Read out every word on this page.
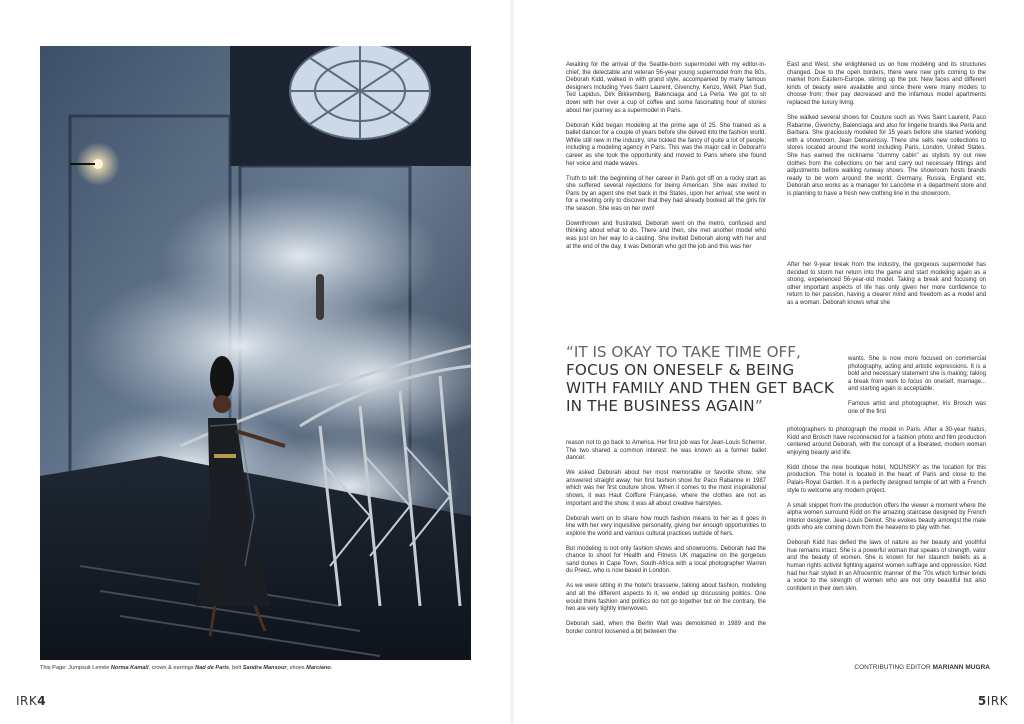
This Page: Jumpsuit Lemée Norma Kamali, crown & earrings Nad de Paris, belt Sandra Mansour, shoes Marciano.
IRK4	5IRK

Awaiting for the arrival of the Seattle-born supermodel with my editor-in-chief, the delectable and veteran 56-year young supermodel from the 80s, Deborah Kidd, walked in with grand style, accompanied by many famous designers including Yves Saint Laurent, Givenchy, Kenzo, Weill, Plan Sud, Ted Lapidus, Dirk Bikkemberg, Balenciaga and La Perla. We got to sit down with her over a cup of coffee and some fascinating hour of stories about her journey as a supermodel in Paris.

Deborah Kidd began modeling at the prime age of 25. She trained as a ballet dancer for a couple of years before she delved into the fashion world. While still new in the industry, she tickled the fancy of quite a lot of people; including a modeling agency in Paris. This was the major call in Deborah's career as she took the opportunity and moved to Paris where she found her voice and made waves.

Truth to tell: the beginning of her career in Paris got off on a rocky start as she suffered several rejections for being American. She was invited to Paris by an agent she met back in the States, upon her arrival; she went in for a meeting only to discover that they had already booked all the girls for the season. She was on her own!

Downthrown and frustrated, Deborah went on the metro, confused and thinking about what to do. There and then, she met another model who was just on her way to a casting. She invited Deborah along with her and at the end of the day, it was Deborah who got the job and this was her

“IT IS OKAY TO TAKE TIME OFF, FOCUS ON ONESELF & BEING WITH FAMILY AND THEN GET BACK IN THE BUSINESS AGAIN”

reason not to go back to America. Her first job was for Jean-Louis Scherrer. The two shared a common interest: he was known as a former ballet dancer.

We asked Deborah about her most memorable or favorite show, she answered straight away: her first fashion show for Paco Rabanne in 1987 which was her first couture show. When it comes to the most inspirational shows, it was Haut Coiffure Française, where the clothes are not as important and the show, it was all about creative hairstyles.

Deborah went on to share how much fashion means to her as it goes in line with her very inquisitive personality, giving her enough opportunities to explore the world and various cultural practices outside of hers.

But modeling is not only fashion shows and showrooms. Deborah had the chance to shoot for Health and Fitness UK magazine on the gorgeous sand dunes in Cape Town, South-Africa with a local photographer Warren du Preez, who is now based in London.

As we were sitting in the hotel's brasserie, talking about fashion, modeling and all the different aspects to it, we ended up discussing politics. One would think fashion and politics do not go together but on the contrary, the two are very tightly interwoven.

Deborah said, when the Berlin Wall was demolished in 1989 and the border control loosened a bit between the

East and West, she enlightened us on how modeling and its structures changed. Due to the open borders, there were new girls coming to the market from Eastern-Europe, stirring up the pot. New faces and different kinds of beauty were available and since there were many models to choose from; their pay decreased and the infamous model apartments replaced the luxury living.

She walked several shows for Couture such as Yves Saint Laurent, Paco Rabanne, Givenchy, Balenciaga and also for lingerie brands like Perla and Barbara. She graciously modeled for 15 years before she started working with a showroom, Jean Demavinssy. There she sells new collections to stores located around the world including Paris, London, United States. She has earned the nickname "dummy cabin" as stylists try out new clothes from the collections on her and carry out necessary fittings and adjustments before walking runway shows. The showroom hosts brands ready to be worn around the world; Germany, Russia, England etc. Deborah also works as a manager for Lancôme in a department store and is planning to have a fresh new clothing line in the showroom.

After her 9-year break from the industry, the gorgeous supermodel has decided to storm her return into the game and start modeling again as a strong, experienced 56-year-old model. Taking a break and focusing on other important aspects of life has only given her more confidence to return to her passion, having a clearer mind and freedom as a model and as a woman. Deborah knows what she

wants. She is now more focused on commercial photography, acting and artistic expressions. It is a bold and necessary statement she is making; taking a break from work to focus on oneself, marriage... and starting again is acceptable.

Famous artist and photographer, Iris Brosch was one of the first

photographers to photograph the model in Paris. After a 30-year hiatus, Kidd and Brosch have reconnected for a fashion photo and film production centered around Deborah, with the concept of a liberated, modern woman enjoying beauty and life.

Kidd chose the new boutique hotel, NOLINSKY as the location for this production. The hotel is located in the heart of Paris and close to the Palais-Royal Garden. It is a perfectly designed temple of art with a French style to welcome any modern project.

A small snippet from the production offers the viewer a moment where the alpha women surround Kidd on the amazing staircase designed by French interior designer, Jean-Louis Deniot. She evokes beauty amongst the male gods who are coming down from the heavens to play with her.

Deborah Kidd has defied the laws of nature as her beauty and youthful hue remains intact. She is a powerful woman that speaks of strength, valor and the beauty of women. She is known for her staunch beliefs as a human rights activist fighting against women suffrage and oppression. Kidd had her hair styled in an Afrocentric manner of the '70s which further lends a voice to the strength of women who are not only beautiful but also confident in their own skin.

CONTRIBUTING EDITOR MARIANN MUGRA
